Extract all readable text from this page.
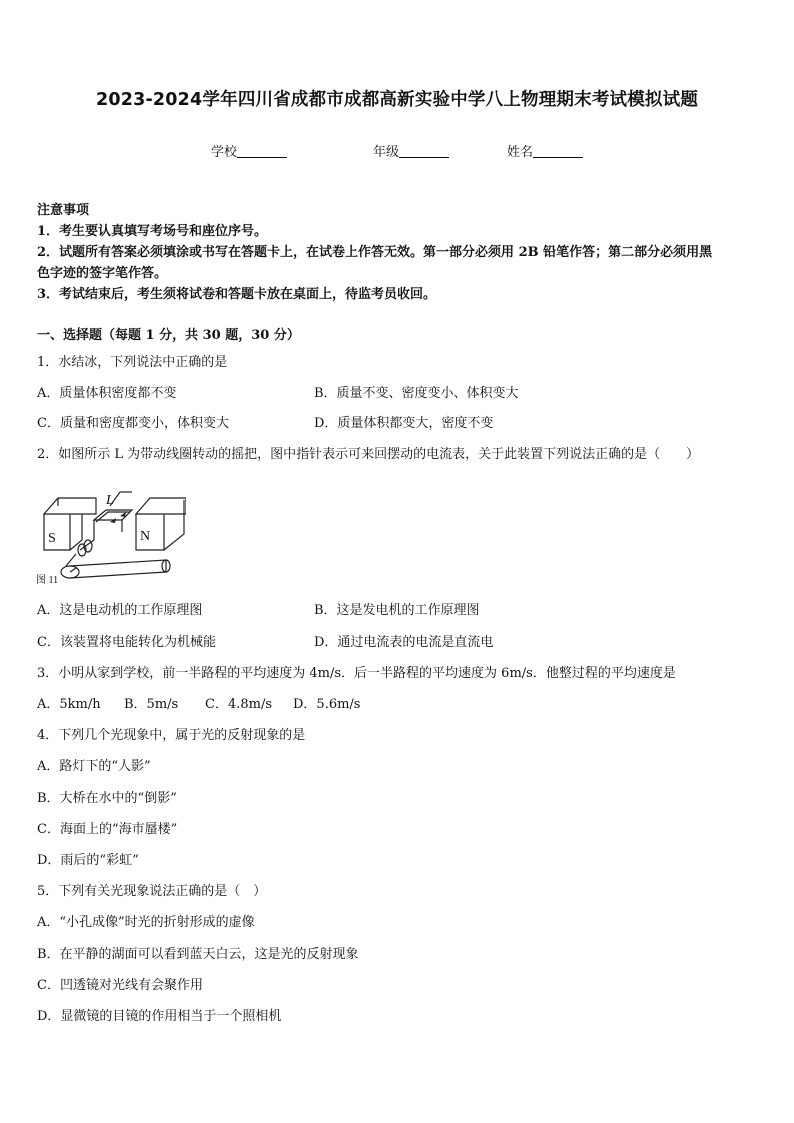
2023-2024学年四川省成都市成都高新实验中学八上物理期末考试模拟试题
学校	年级	姓名
注意事项
1．考生要认真填写考场号和座位序号。
2．试题所有答案必须填涂或书写在答题卡上，在试卷上作答无效。第一部分必须用 2B 铅笔作答；第二部分必须用黑
色字迹的签字笔作答。
3．考试结束后，考生须将试卷和答题卡放在桌面上，待监考员收回。
一、选择题（每题 1 分，共 30 题，30 分）
1．水结冰，下列说法中正确的是
A．质量体积密度都不变	B．质量不变、密度变小、体积变大
C．质量和密度都变小，体积变大	D．质量体积都变大，密度不变
2．如图所示 L 为带动线圈转动的摇把，图中指针表示可来回摆动的电流表，关于此装置下列说法正确的是（　　）
S	N
L
图 11
A．这是电动机的工作原理图	B．这是发电机的工作原理图
C．该装置将电能转化为机械能	D．通过电流表的电流是直流电
3．小明从家到学校，前一半路程的平均速度为 4m/s．后一半路程的平均速度为 6m/s．他整过程的平均速度是
A．5km/h B．5m/s C．4.8m/s D．5.6m/s
4．下列几个光现象中，属于光的反射现象的是
A．路灯下的“人影”
B．大桥在水中的“倒影”
C．海面上的“海市蜃楼”
D．雨后的“彩虹”
5．下列有关光现象说法正确的是（　）
A．“小孔成像”时光的折射形成的虚像
B．在平静的湖面可以看到蓝天白云，这是光的反射现象
C．凹透镜对光线有会聚作用
D．显微镜的目镜的作用相当于一个照相机
